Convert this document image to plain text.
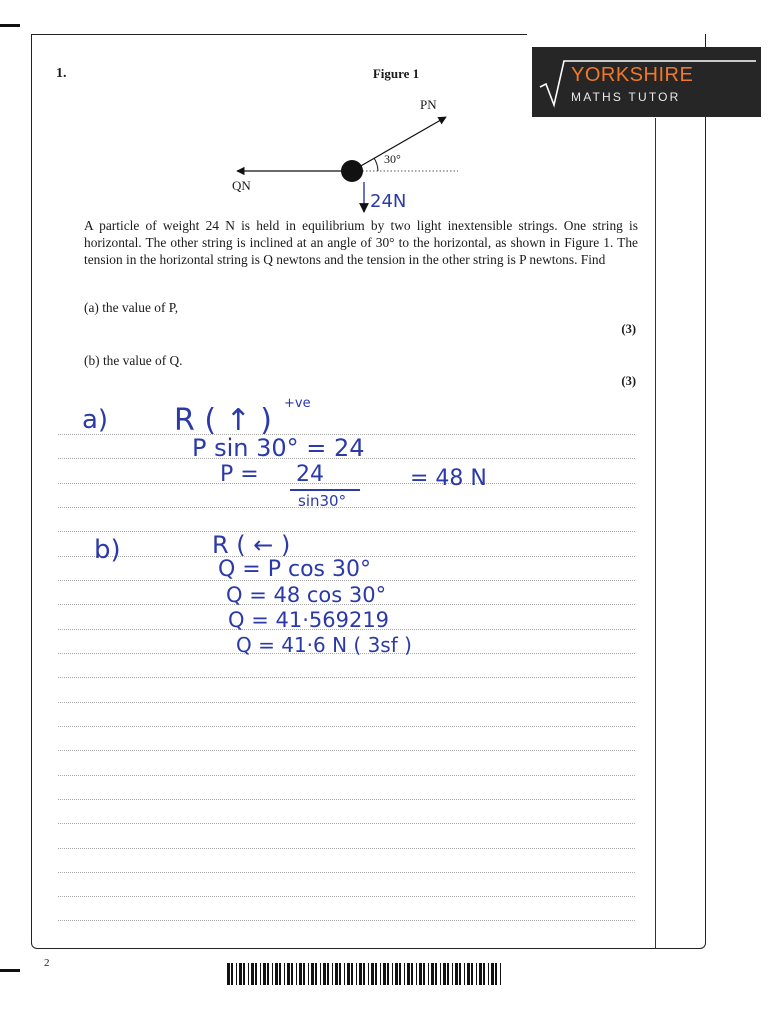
YORKSHIRE
MATHS TUTOR
1.	Figure 1
PN
QN
30°
24N
A particle of weight 24 N is held in equilibrium by two light inextensible strings. One string is horizontal. The other string is inclined at an angle of 30° to the horizontal, as shown in Figure 1. The tension in the horizontal string is Q newtons and the tension in the other string is P newtons. Find
(a) the value of P,
(3)
(b) the value of Q.
(3)
a) R ( ↑ ) +ve
P sin 30° = 24
P = 24
sin30°
= 48 N
b)	R ( ← )
Q = P cos 30°
Q = 48 cos 30°
Q = 41·569219
Q = 41·6 N ( 3sf )
2
